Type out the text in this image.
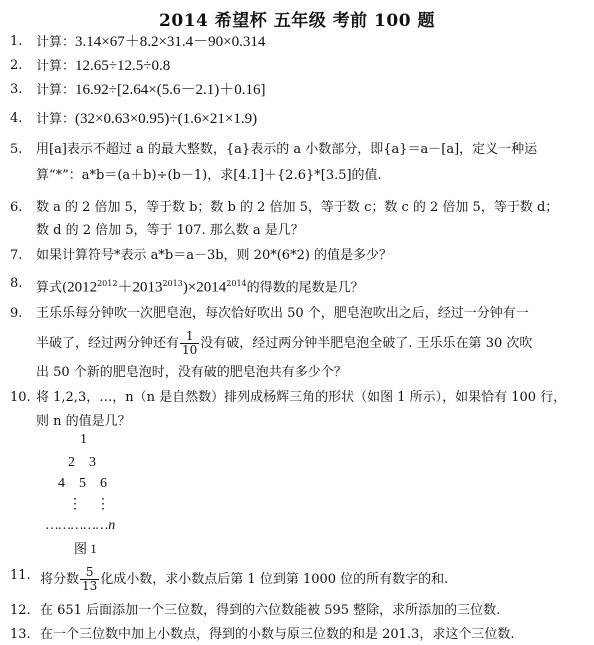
2014 希望杯 五年级 考前 100 题
1.	计算：3.14×67＋8.2×31.4－90×0.314
2.	计算：12.65÷12.5÷0.8
3.	计算：16.92÷[2.64×(5.6－2.1)＋0.16]
4.	计算：(32×0.63×0.95)÷(1.6×21×1.9)
5.	用[a]表示不超过 a 的最大整数，{a}表示的 a 小数部分，即{a}＝a－[a]，定义一种运
算“*”：a*b＝(a＋b)÷(b－1)，求[4.1]＋{2.6}*[3.5]的值.
6.	数 a 的 2 倍加 5，等于数 b；数 b 的 2 倍加 5，等于数 c；数 c 的 2 倍加 5，等于数 d；
数 d 的 2 倍加 5，等于 107. 那么数 a 是几？
7.	如果计算符号*表示 a*b＝a－3b，则 20*(6*2) 的值是多少？
8.	算式$(2012^{2012}+2013^{2013})\times 2014^{2014}$的得数的尾数是几？
9.	王乐乐每分钟吹一次肥皂泡，每次恰好吹出 50 个，肥皂泡吹出之后，经过一分钟有一
半破了，经过两分钟还有 $\frac{1}{10}$ 没有破，经过两分钟半肥皂泡全破了. 王乐乐在第 30 次吹
出 50 个新的肥皂泡时，没有破的肥皂泡共有多少个？
10. 将 1,2,3，…，n（n 是自然数）排列成杨辉三角的形状（如图 1 所示），如果恰有 100 行，
则 n 的值是几？
1
2    3
4    5    6
⋮    ⋮
……………n
图 1
11. 将分数 $\frac{5}{13}$ 化成小数，求小数点后第 1 位到第 1000 位的所有数字的和.
12. 在 651 后面添加一个三位数，得到的六位数能被 595 整除，求所添加的三位数.
13. 在一个三位数中加上小数点，得到的小数与原三位数的和是 201.3，求这个三位数.
